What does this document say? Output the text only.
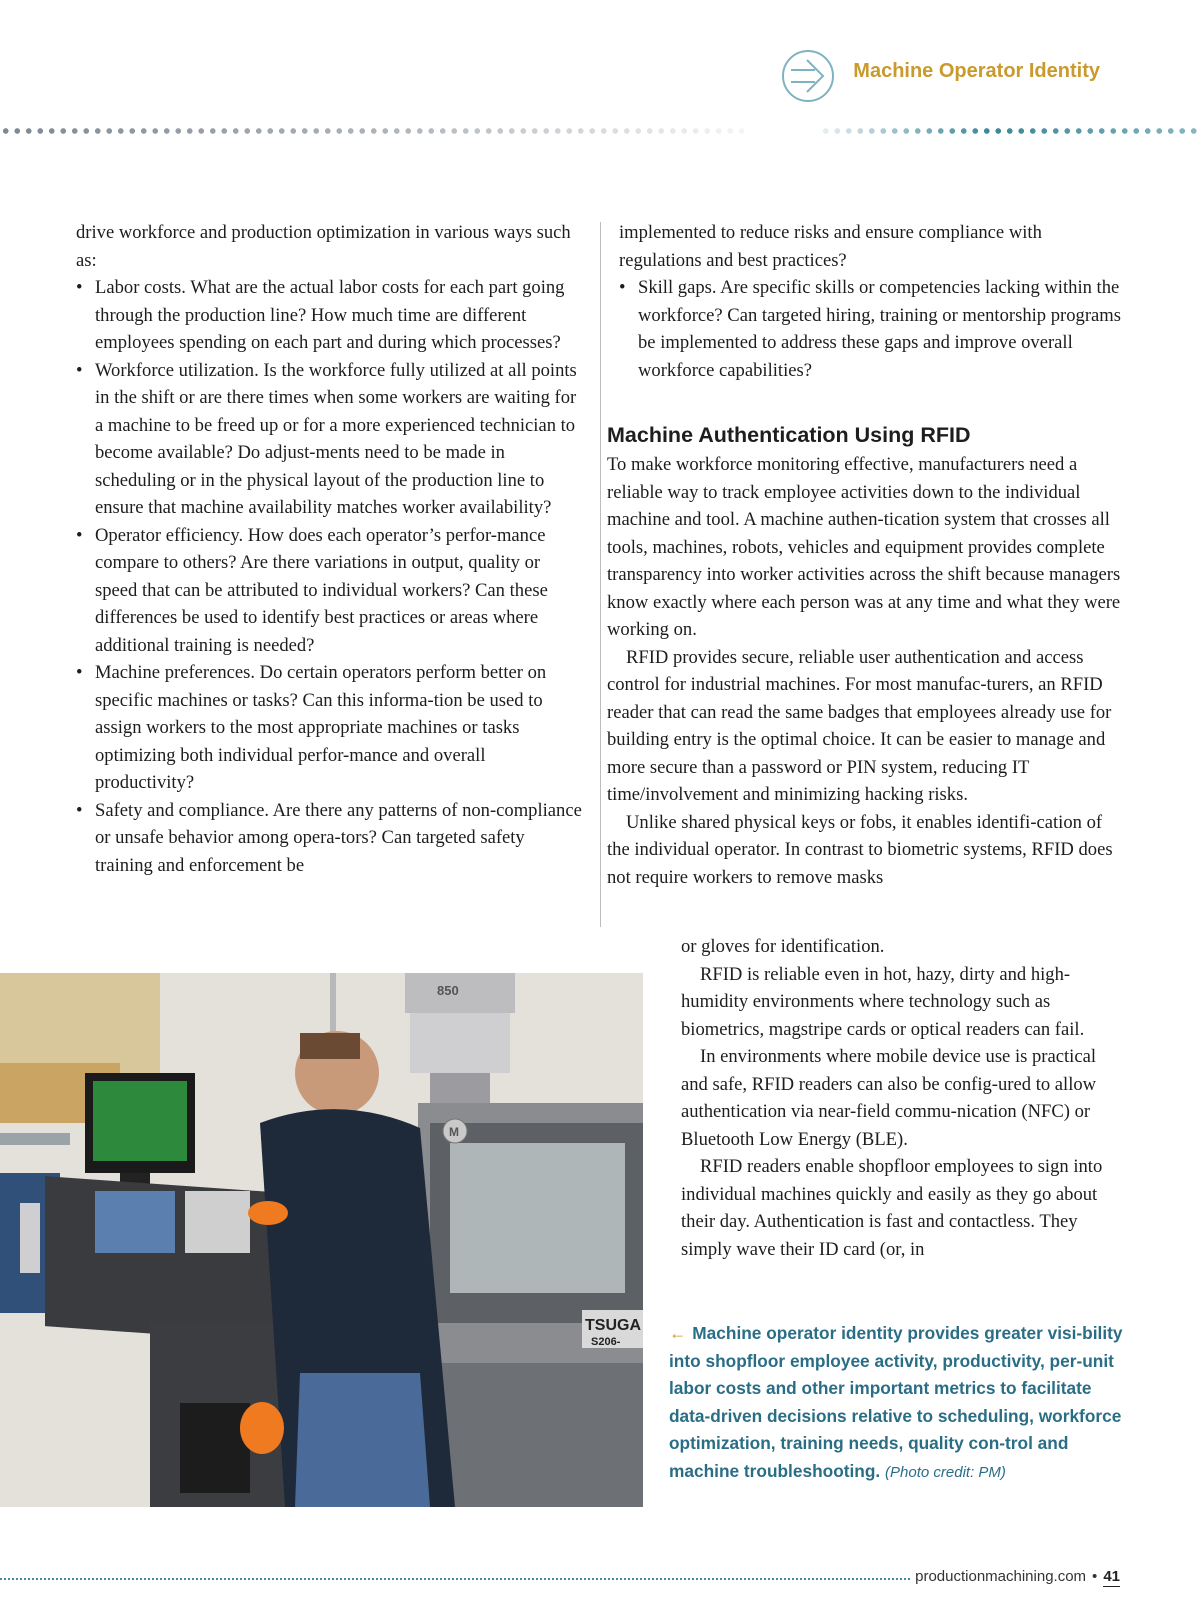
Machine Operator Identity

drive workforce and production optimization in various ways such as:

• Labor costs. What are the actual labor costs for each part going through the production line? How much time are different employees spending on each part and during which processes?
• Workforce utilization. Is the workforce fully utilized at all points in the shift or are there times when some workers are waiting for a machine to be freed up or for a more experienced technician to become available? Do adjust-ments need to be made in scheduling or in the physical layout of the production line to ensure that machine availability matches worker availability?
• Operator efficiency. How does each operator’s perfor-mance compare to others? Are there variations in output, quality or speed that can be attributed to individual workers? Can these differences be used to identify best practices or areas where additional training is needed?
• Machine preferences. Do certain operators perform better on specific machines or tasks? Can this informa-tion be used to assign workers to the most appropriate machines or tasks optimizing both individual perfor-mance and overall productivity?
• Safety and compliance. Are there any patterns of non-compliance or unsafe behavior among opera-tors? Can targeted safety training and enforcement be

implemented to reduce risks and ensure compliance with regulations and best practices?

• Skill gaps. Are specific skills or competencies lacking within the workforce? Can targeted hiring, training or mentorship programs be implemented to address these gaps and improve overall workforce capabilities?
Machine Authentication Using RFID

To make workforce monitoring effective, manufacturers need a reliable way to track employee activities down to the individual machine and tool. A machine authen-tication system that crosses all tools, machines, robots, vehicles and equipment provides complete transparency into worker activities across the shift because managers know exactly where each person was at any time and what they were working on.

RFID provides secure, reliable user authentication and access control for industrial machines. For most manufac-turers, an RFID reader that can read the same badges that employees already use for building entry is the optimal choice. It can be easier to manage and more secure than a password or PIN system, reducing IT time/involvement and minimizing hacking risks.

Unlike shared physical keys or fobs, it enables identifi-cation of the individual operator. In contrast to biometric systems, RFID does not require workers to remove masks

or gloves for identification.

RFID is reliable even in hot, hazy, dirty and high-humidity environments where technology such as biometrics, magstripe cards or optical readers can fail.

In environments where mobile device use is practical and safe, RFID readers can also be config-ured to allow authentication via near-field commu-nication (NFC) or Bluetooth Low Energy (BLE).

RFID readers enable shopfloor employees to sign into individual machines quickly and easily as they go about their day. Authentication is fast and contactless. They simply wave their ID card (or, in

850
M
TSUGA
S206-	← Machine operator identity provides greater visi-bility into shopfloor employee activity, productivity, per-unit labor costs and other important metrics to facilitate data-driven decisions relative to scheduling, workforce optimization, training needs, quality con-trol and machine troubleshooting. (Photo credit: PM)
productionmachining.com • 41
